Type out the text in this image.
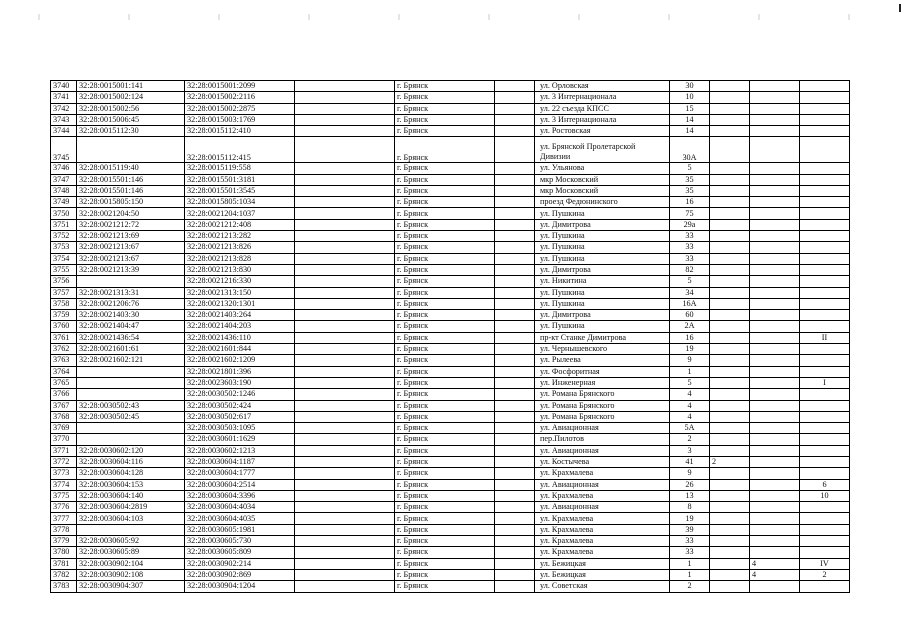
3740	32:28:0015001:141	32:28:0015001:2099		г. Брянск		ул. Орловская	30			
3741	32:28:0015002:124	32:28:0015002:2116		г. Брянск		ул. 3 Интернационала	10			
3742	32:28:0015002:56	32:28:0015002:2875		г. Брянск		ул. 22 съезда КПСС	15			
3743	32:28:0015006:45	32:28:0015003:1769		г. Брянск		ул. 3 Интернационала	14			
3744	32:28:0015112:30	32:28:0015112:410		г. Брянск		ул. Ростовская	14			
3745		32:28:0015112:415		г. Брянск		ул. Брянской Пролетарской Дивизии	30А			
3746	32:28:0015119:40	32:28:0015119:558		г. Брянск		ул. Ульянова	5			
3747	32:28:0015501:146	32:28:0015501:3181		г. Брянск		мкр Московский	35			
3748	32:28:0015501:146	32:28:0015501:3545		г. Брянск		мкр Московский	35			
3749	32:28:0015805:150	32:28:0015805:1034		г. Брянск		проезд Федюнинского	16			
3750	32:28:0021204:50	32:28:0021204:1037		г. Брянск		ул. Пушкина	75			
3751	32:28:0021212:72	32:28:0021212:408		г. Брянск		ул. Димитрова	29а			
3752	32:28:0021213:69	32:28:0021213:282		г. Брянск		ул. Пушкина	33			
3753	32:28:0021213:67	32:28:0021213:826		г. Брянск		ул. Пушкина	33			
3754	32:28:0021213:67	32:28:0021213:828		г. Брянск		ул. Пушкина	33			
3755	32:28:0021213:39	32:28:0021213:830		г. Брянск		ул. Димитрова	82			
3756		32:28:0021216:330		г. Брянск		ул. Никитина	5			
3757	32:28:0021313:31	32:28:0021313:150		г. Брянск		ул. Пушкина	34			
3758	32:28:0021206:76	32:28:0021320:1301		г. Брянск		ул. Пушкина	16А			
3759	32:28:0021403:30	32:28:0021403:264		г. Брянск		ул. Димитрова	60			
3760	32:28:0021404:47	32:28:0021404:203		г. Брянск		ул. Пушкина	2А			
3761	32:28:0021436:54	32:28:0021436:110		г. Брянск		пр-кт Станке Димитрова	16			II
3762	32:28:0021601:61	32:28:0021601:844		г. Брянск		ул. Чернышевского	19			
3763	32:28:0021602:121	32:28:0021602:1209		г. Брянск		ул. Рылеева	9			
3764		32:28:0021801:396		г. Брянск		ул. Фосфоритная	1			
3765		32:28:0023603:190		г. Брянск		ул. Инженерная	5			I
3766		32:28:0030502:1246		г. Брянск		ул. Романа Брянского	4			
3767	32:28:0030502:43	32:28:0030502:424		г. Брянск		ул. Романа Брянского	4			
3768	32:28:0030502:45	32:28:0030502:617		г. Брянск		ул. Романа Брянского	4			
3769		32:28:0030503:1095		г. Брянск		ул. Авиационная	5А			
3770		32:28:0030601:1629		г. Брянск		пер.Пилотов	2			
3771	32:28:0030602:120	32:28:0030602:1213		г. Брянск		ул. Авиационная	3			
3772	32:28:0030604:116	32:28:0030604:1187		г. Брянск		ул. Костычева	41	2		
3773	32:28:0030604:128	32:28:0030604:1777		г. Брянск		ул. Крахмалева	9			
3774	32:28:0030604:153	32:28:0030604:2514		г. Брянск		ул. Авиационная	26			6
3775	32:28:0030604:140	32:28:0030604:3396		г. Брянск		ул. Крахмалева	13			10
3776	32:28:0030604:2819	32:28:0030604:4034		г. Брянск		ул. Авиационная	8			
3777	32:28:0030604:103	32:28:0030604:4035		г. Брянск		ул. Крахмалева	19			
3778		32:28:0030605:1981		г. Брянск		ул. Крахмалева	39			
3779	32:28:0030605:92	32:28:0030605:730		г. Брянск		ул. Крахмалева	33			
3780	32:28:0030605:89	32:28:0030605:809		г. Брянск		ул. Крахмалева	33			
3781	32:28:0030902:104	32:28:0030902:214		г. Брянск		ул. Бежицкая	1		4	IV
3782	32:28:0030902:108	32:28:0030902:869		г. Брянск		ул. Бежицкая	1		4	2
3783	32:28:0030904:307	32:28:0030904:1204		г. Брянск		ул. Советская	2			
